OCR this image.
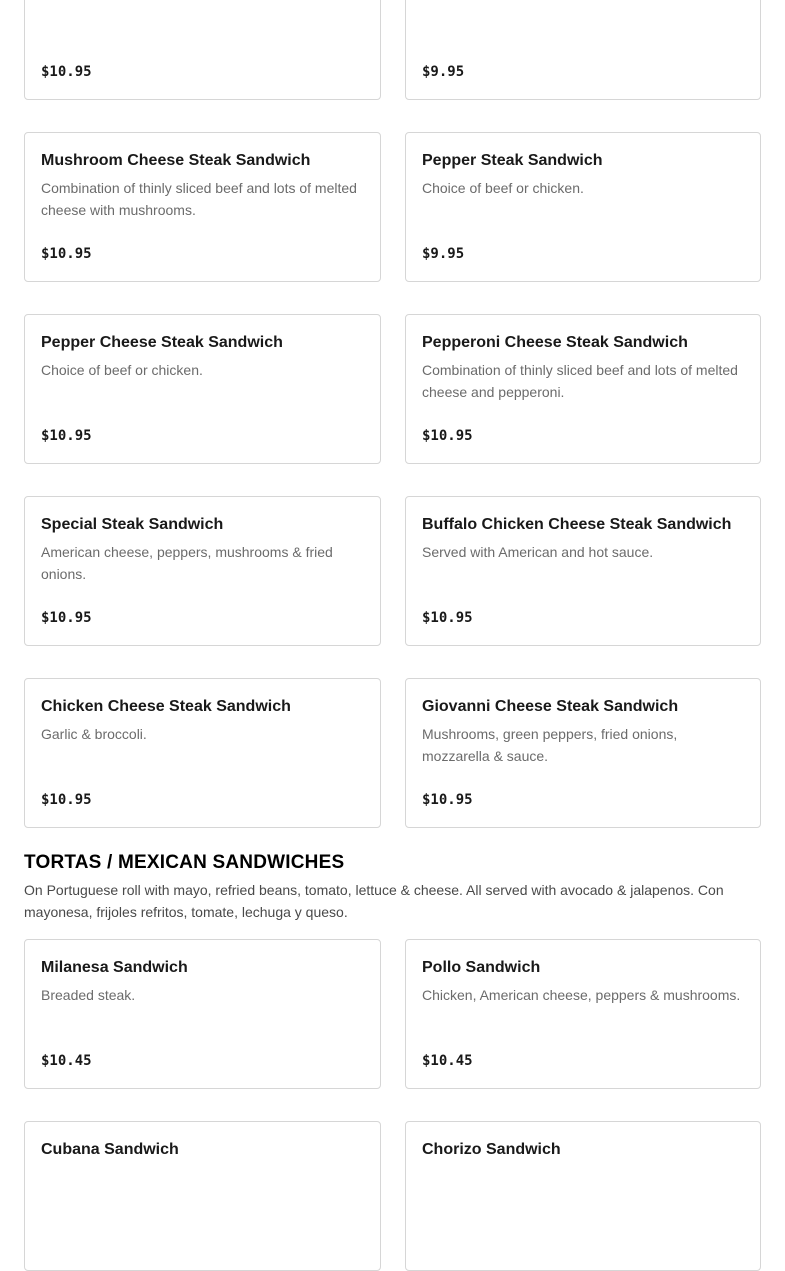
$10.95	$9.95
Mushroom Cheese Steak Sandwich
Combination of thinly sliced beef and lots of melted cheese with mushrooms.
$10.95
Pepper Steak Sandwich
Choice of beef or chicken.
$9.95
Pepper Cheese Steak Sandwich
Choice of beef or chicken.
$10.95
Pepperoni Cheese Steak Sandwich
Combination of thinly sliced beef and lots of melted cheese and pepperoni.
$10.95
Special Steak Sandwich
American cheese, peppers, mushrooms & fried onions.
$10.95
Buffalo Chicken Cheese Steak Sandwich
Served with American and hot sauce.
$10.95
Chicken Cheese Steak Sandwich
Garlic & broccoli.
$10.95
Giovanni Cheese Steak Sandwich
Mushrooms, green peppers, fried onions, mozzarella & sauce.
$10.95
TORTAS / MEXICAN SANDWICHES
On Portuguese roll with mayo, refried beans, tomato, lettuce & cheese. All served with avocado & jalapenos. Con mayonesa, frijoles refritos, tomate, lechuga y queso.
Milanesa Sandwich
Breaded steak.
$10.45
Pollo Sandwich
Chicken, American cheese, peppers & mushrooms.
$10.45
Cubana Sandwich	Chorizo Sandwich
